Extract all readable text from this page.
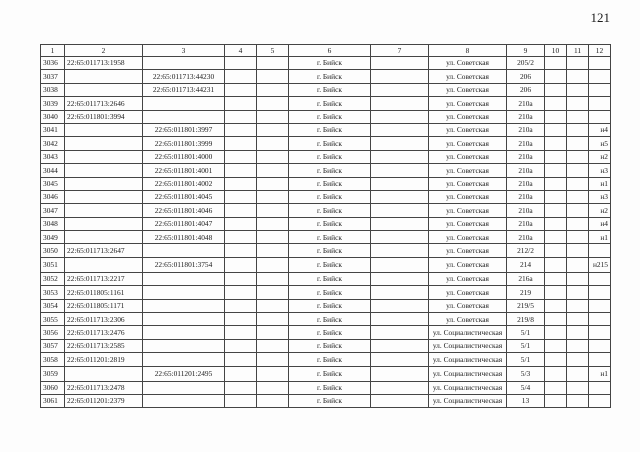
121
1	2	3	4	5	6	7	8	9	10	11	12
3036	22:65:011713:1958				г. Бийск		ул. Советская	205/2			
3037		22:65:011713:44230			г. Бийск		ул. Советская	206			
3038		22:65:011713:44231			г. Бийск		ул. Советская	206			
3039	22:65:011713:2646				г. Бийск		ул. Советская	210а			
3040	22:65:011801:3994				г. Бийск		ул. Советская	210а			
3041		22:65:011801:3997			г. Бийск		ул. Советская	210а			н4
3042		22:65:011801:3999			г. Бийск		ул. Советская	210а			н5
3043		22:65:011801:4000			г. Бийск		ул. Советская	210а			н2
3044		22:65:011801:4001			г. Бийск		ул. Советская	210а			н3
3045		22:65:011801:4002			г. Бийск		ул. Советская	210а			н1
3046		22:65:011801:4045			г. Бийск		ул. Советская	210а			н3
3047		22:65:011801:4046			г. Бийск		ул. Советская	210а			н2
3048		22:65:011801:4047			г. Бийск		ул. Советская	210а			н4
3049		22:65:011801:4048			г. Бийск		ул. Советская	210а			н1
3050	22:65:011713:2647				г. Бийск		ул. Советская	212/2			
3051		22:65:011801:3754			г. Бийск		ул. Советская	214			н215
3052	22:65:011713:2217				г. Бийск		ул. Советская	216а			
3053	22:65:011805:1161				г. Бийск		ул. Советская	219			
3054	22:65:011805:1171				г. Бийск		ул. Советская	219/5			
3055	22:65:011713:2306				г. Бийск		ул. Советская	219/8			
3056	22:65:011713:2476				г. Бийск		ул. Социалистическая	5/1			
3057	22:65:011713:2585				г. Бийск		ул. Социалистическая	5/1			
3058	22:65:011201:2819				г. Бийск		ул. Социалистическая	5/1			
3059		22:65:011201:2495			г. Бийск		ул. Социалистическая	5/3			н1
3060	22:65:011713:2478				г. Бийск		ул. Социалистическая	5/4			
3061	22:65:011201:2379				г. Бийск		ул. Социалистическая	13			
